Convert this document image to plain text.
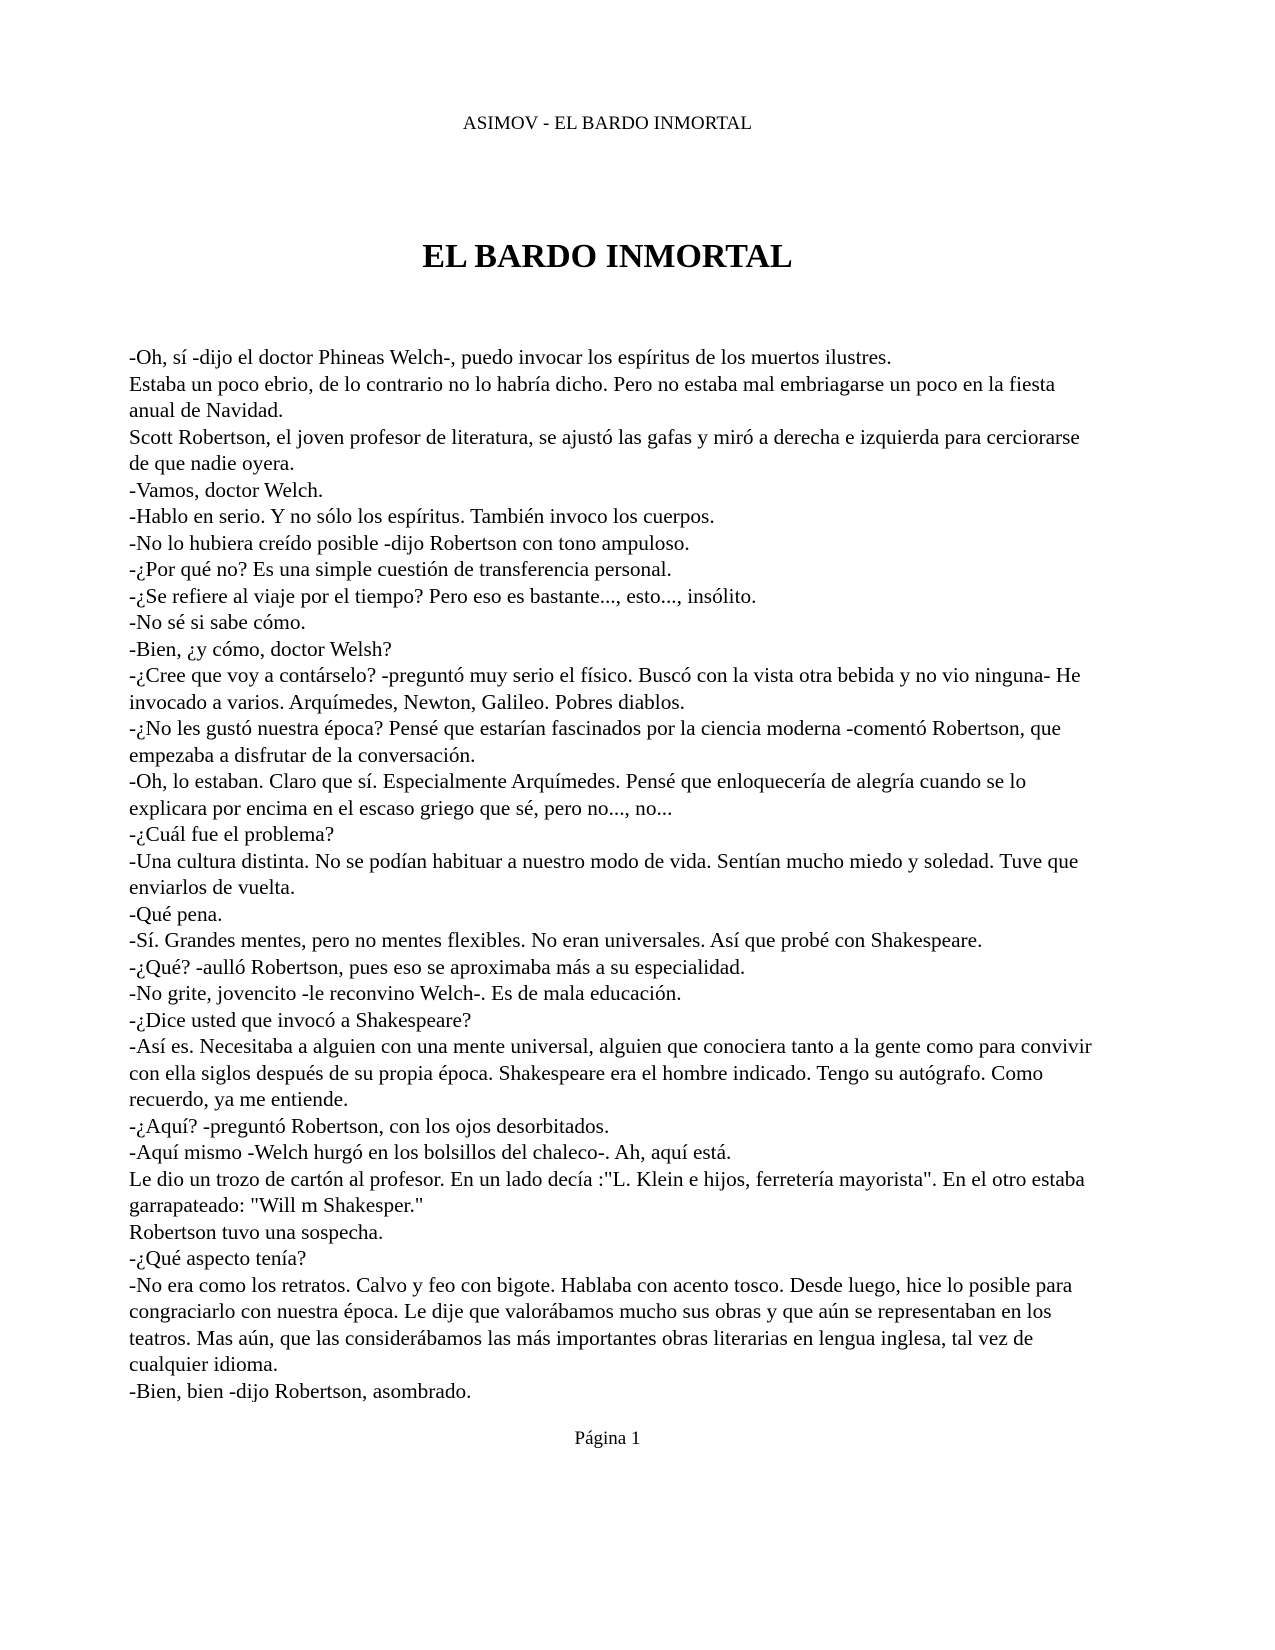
ASIMOV - EL BARDO INMORTAL
EL BARDO INMORTAL

-Oh, sí -dijo el doctor Phineas Welch-, puedo invocar los espíritus de los muertos ilustres.

Estaba un poco ebrio, de lo contrario no lo habría dicho. Pero no estaba mal embriagarse un poco en la fiesta anual de Navidad.

Scott Robertson, el joven profesor de literatura, se ajustó las gafas y miró a derecha e izquierda para cerciorarse de que nadie oyera.

-Vamos, doctor Welch.

-Hablo en serio. Y no sólo los espíritus. También invoco los cuerpos.

-No lo hubiera creído posible -dijo Robertson con tono ampuloso.

-¿Por qué no? Es una simple cuestión de transferencia personal.

-¿Se refiere al viaje por el tiempo? Pero eso es bastante..., esto..., insólito.

-No sé si sabe cómo.

-Bien, ¿y cómo, doctor Welsh?

-¿Cree que voy a contárselo? -preguntó muy serio el físico. Buscó con la vista otra bebida y no vio ninguna- He invocado a varios. Arquímedes, Newton, Galileo. Pobres diablos.

-¿No les gustó nuestra época? Pensé que estarían fascinados por la ciencia moderna -comentó Robertson, que empezaba a disfrutar de la conversación.

-Oh, lo estaban. Claro que sí. Especialmente Arquímedes. Pensé que enloquecería de alegría cuando se lo explicara por encima en el escaso griego que sé, pero no..., no...

-¿Cuál fue el problema?

-Una cultura distinta. No se podían habituar a nuestro modo de vida. Sentían mucho miedo y soledad. Tuve que enviarlos de vuelta.

-Qué pena.

-Sí. Grandes mentes, pero no mentes flexibles. No eran universales. Así que probé con Shakespeare.

-¿Qué? -aulló Robertson, pues eso se aproximaba más a su especialidad.

-No grite, jovencito -le reconvino Welch-. Es de mala educación.

-¿Dice usted que invocó a Shakespeare?

-Así es. Necesitaba a alguien con una mente universal, alguien que conociera tanto a la gente como para convivir con ella siglos después de su propia época. Shakespeare era el hombre indicado. Tengo su autógrafo. Como recuerdo, ya me entiende.

-¿Aquí? -preguntó Robertson, con los ojos desorbitados.

-Aquí mismo -Welch hurgó en los bolsillos del chaleco-. Ah, aquí está.

Le dio un trozo de cartón al profesor. En un lado decía :"L. Klein e hijos, ferretería mayorista". En el otro estaba garrapateado: "Will m Shakesper."

Robertson tuvo una sospecha.

-¿Qué aspecto tenía?

-No era como los retratos. Calvo y feo con bigote. Hablaba con acento tosco. Desde luego, hice lo posible para congraciarlo con nuestra época. Le dije que valorábamos mucho sus obras y que aún se representaban en los teatros. Mas aún, que las considerábamos las más importantes obras literarias en lengua inglesa, tal vez de cualquier idioma.

-Bien, bien -dijo Robertson, asombrado.

Página 1
